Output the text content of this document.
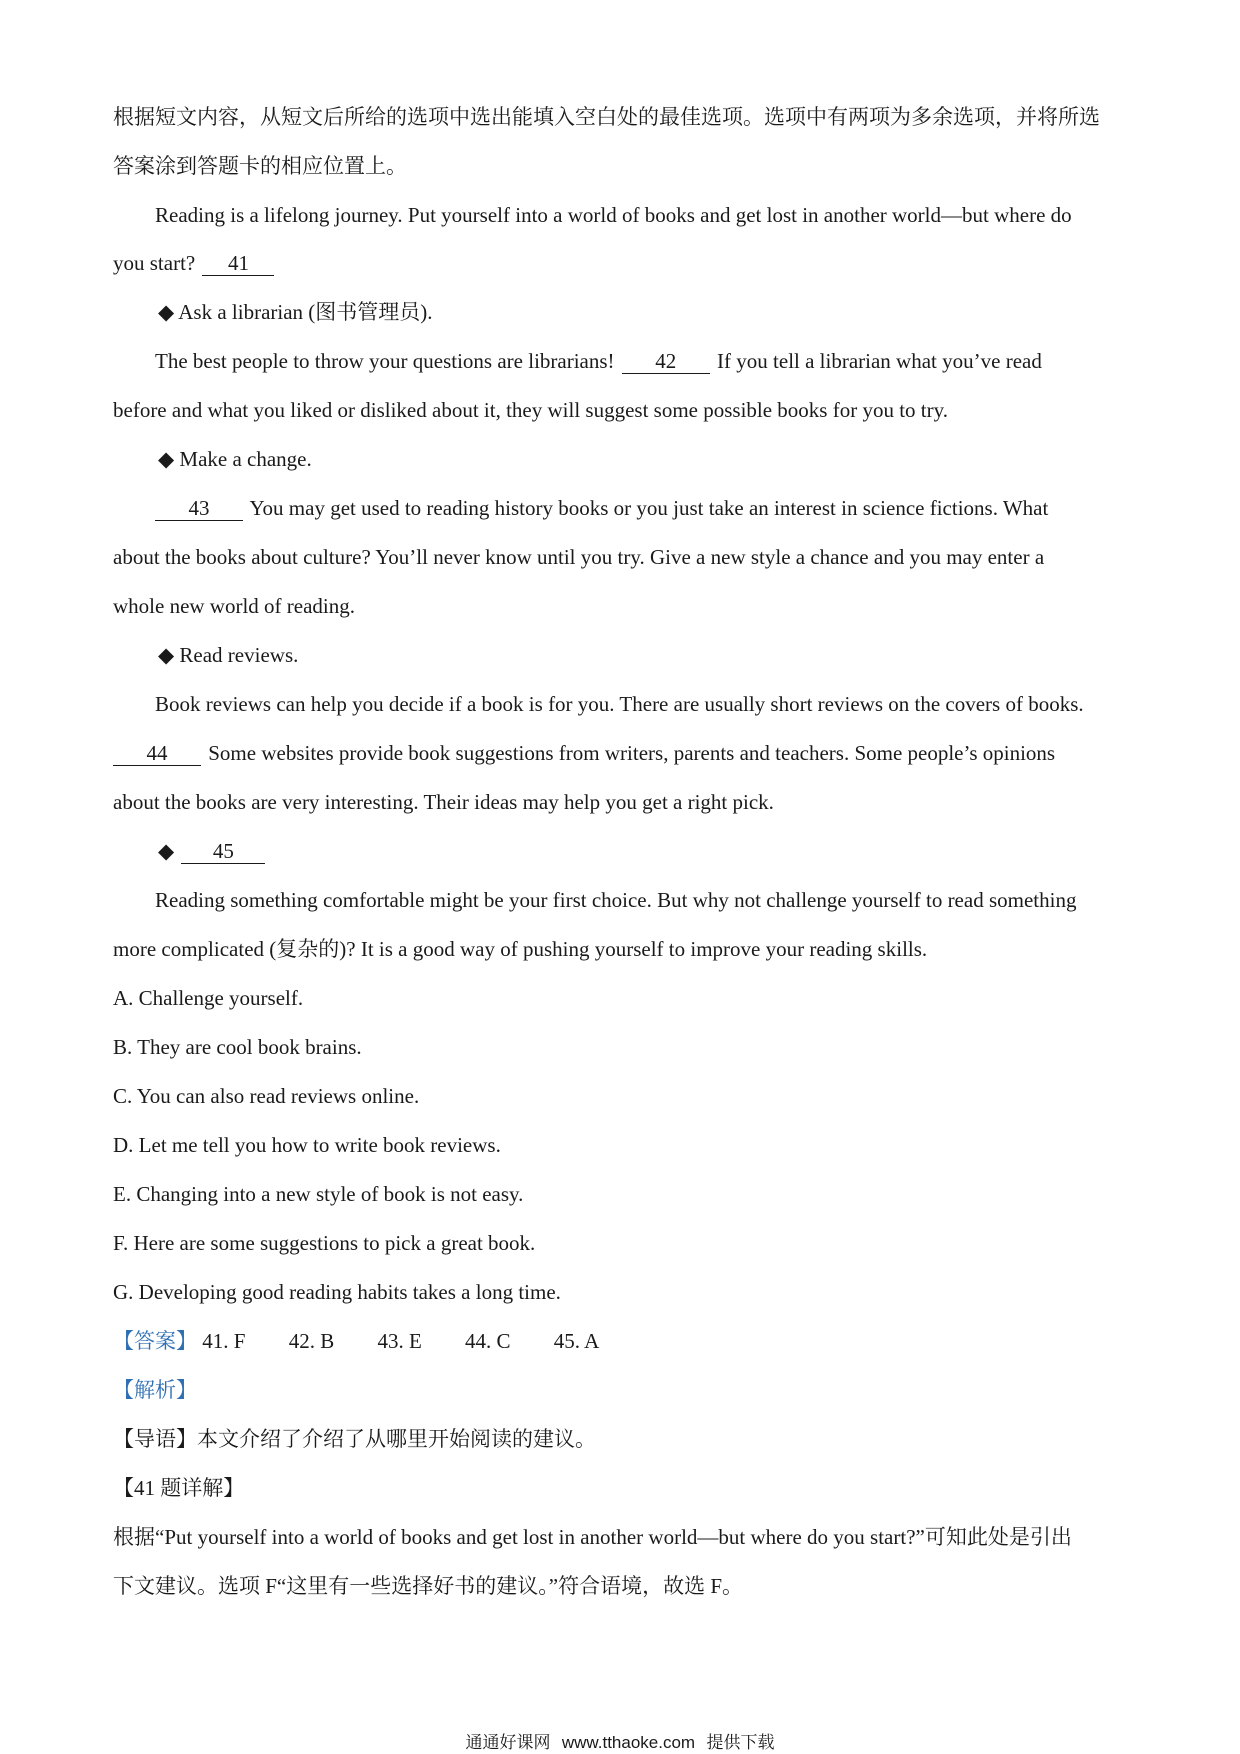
根据短文内容，从短文后所给的选项中选出能填入空白处的最佳选项。选项中有两项为多余选项，并将所选
答案涂到答题卡的相应位置上。
Reading is a lifelong journey. Put yourself into a world of books and get lost in another world—but where do
you start? 41
◆ Ask a librarian (图书管理员).
The best people to throw your questions are librarians! 42 If you tell a librarian what you’ve read
before and what you liked or disliked about it, they will suggest some possible books for you to try.
◆ Make a change.
43 You may get used to reading history books or you just take an interest in science fictions. What
about the books about culture? You’ll never know until you try. Give a new style a chance and you may enter a
whole new world of reading.
◆ Read reviews.
Book reviews can help you decide if a book is for you. There are usually short reviews on the covers of books.
44 Some websites provide book suggestions from writers, parents and teachers. Some people’s opinions
about the books are very interesting. Their ideas may help you get a right pick.
◆ 45
Reading something comfortable might be your first choice. But why not challenge yourself to read something
more complicated (复杂的)? It is a good way of pushing yourself to improve your reading skills.
A. Challenge yourself.
B. They are cool book brains.
C. You can also read reviews online.
D. Let me tell you how to write book reviews.
E. Changing into a new style of book is not easy.
F. Here are some suggestions to pick a great book.
G. Developing good reading habits takes a long time.
【答案】 41. F 42. B 43. E 44. C 45. A
【解析】
【导语】本文介绍了介绍了从哪里开始阅读的建议。
【41 题详解】
根据“Put yourself into a world of books and get lost in another world—but where do you start?”可知此处是引出
下文建议。选项 F“这里有一些选择好书的建议。”符合语境，故选 F。
通通好课网 www.tthaoke.com 提供下载
